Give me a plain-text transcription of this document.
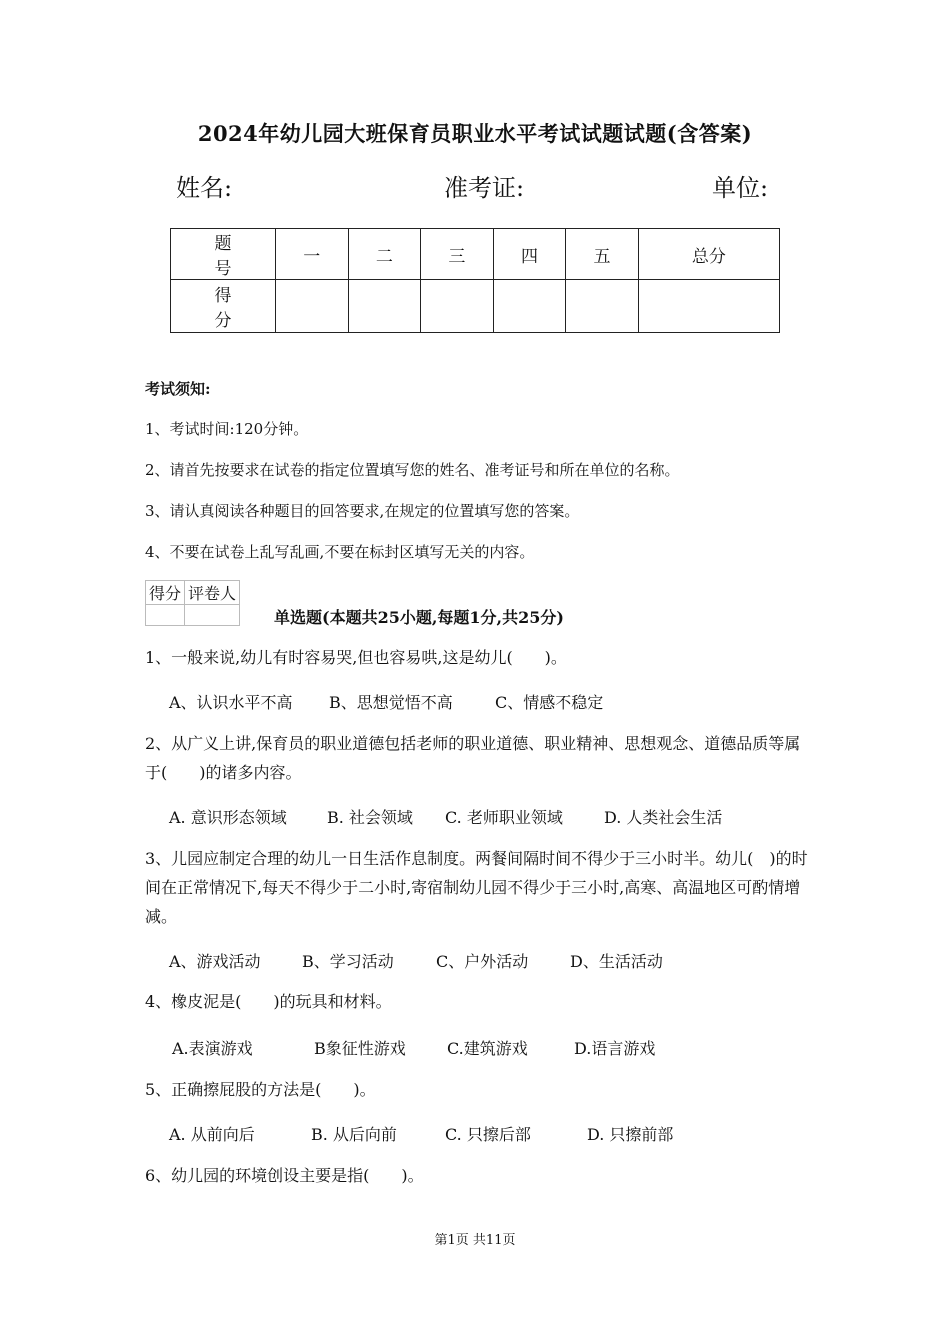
2024年幼儿园大班保育员职业水平考试试题试题(含答案)
姓名:	准考证:	单位:
题 号	一	二	三	四	五	总分
得 分						
考试须知:
1、考试时间:120分钟。
2、请首先按要求在试卷的指定位置填写您的姓名、准考证号和所在单位的名称。
3、请认真阅读各种题目的回答要求,在规定的位置填写您的答案。
4、不要在试卷上乱写乱画,不要在标封区填写无关的内容。
得分	评卷人

单选题(本题共25小题,每题1分,共25分)
1、一般来说,幼儿有时容易哭,但也容易哄,这是幼儿(　　)。
A、认识水平不高 B、思想觉悟不高	C、情感不稳定
2、从广义上讲,保育员的职业道德包括老师的职业道德、职业精神、思想观念、道德品质等属于(　　)的诸多内容。
A. 意识形态领域	B. 社会领域 C. 老师职业领域	D. 人类社会生活
3、儿园应制定合理的幼儿一日生活作息制度。两餐间隔时间不得少于三小时半。幼儿(　)的时间在正常情况下,每天不得少于二小时,寄宿制幼儿园不得少于三小时,高寒、高温地区可酌情增减。
A、游戏活动	B、学习活动	C、户外活动	D、生活活动
4、橡皮泥是(　　)的玩具和材料。
A.表演游戏	B象征性游戏	C.建筑游戏	D.语言游戏
5、正确擦屁股的方法是(　　)。
A. 从前向后	B. 从后向前	C. 只擦后部	D. 只擦前部
6、幼儿园的环境创设主要是指(　　)。
第1页 共11页
